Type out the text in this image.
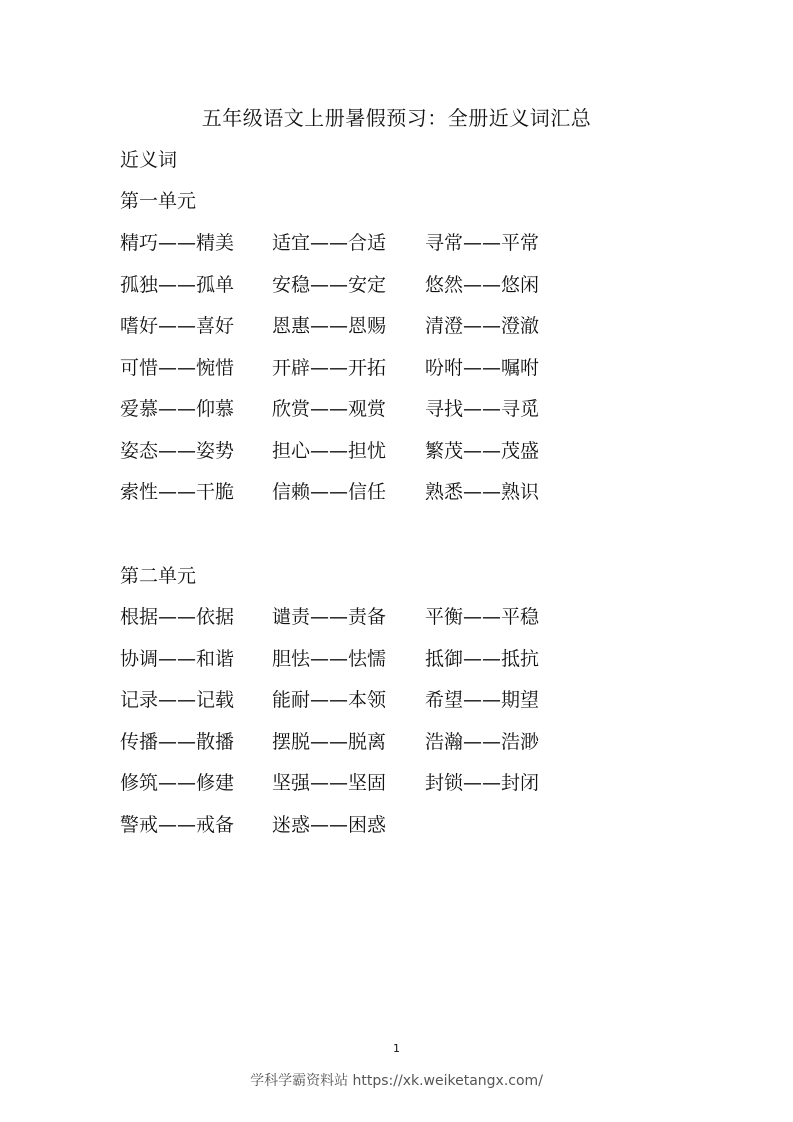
五年级语文上册暑假预习：全册近义词汇总
近义词
第一单元
精巧——精美 适宜——合适 寻常——平常
孤独——孤单 安稳——安定 悠然——悠闲
嗜好——喜好 恩惠——恩赐 清澄——澄澈
可惜——惋惜 开辟——开拓 吩咐——嘱咐
爱慕——仰慕 欣赏——观赏 寻找——寻觅
姿态——姿势 担心——担忧 繁茂——茂盛
索性——干脆 信赖——信任 熟悉——熟识
第二单元
根据——依据 谴责——责备 平衡——平稳
协调——和谐 胆怯——怯懦 抵御——抵抗
记录——记载 能耐——本领 希望——期望
传播——散播 摆脱——脱离 浩瀚——浩渺
修筑——修建 坚强——坚固 封锁——封闭
警戒——戒备 迷惑——困惑
1
学科学霸资料站 https://xk.weiketangx.com/
